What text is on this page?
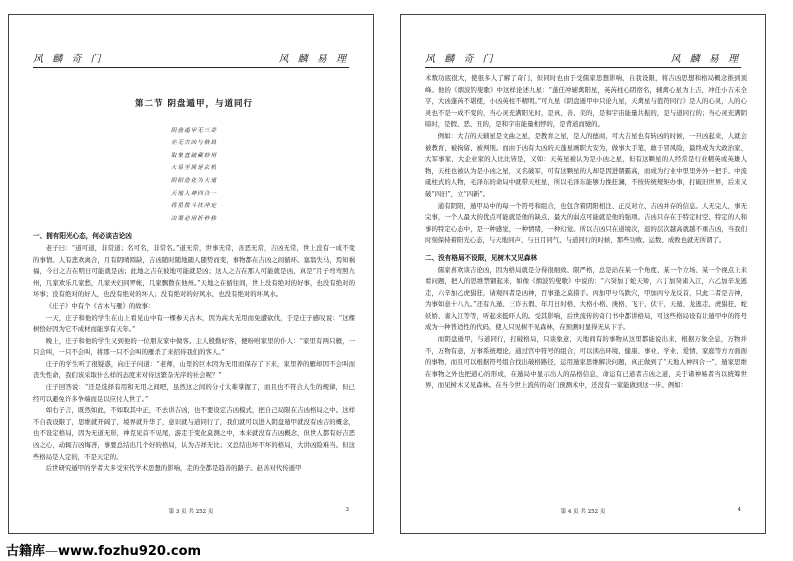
风 麟 奇 门	风 麟 易 理
第二节 阴盘遁甲，与道同行
阴盘遁甲无三奇
亦无吉凶与格局
取象直破藏妙用
大易至简是玄机
阴阳造化为大道
天地人神四合一
将星拨斗扶冲定
决策必用折秒移
一、拥有阳光心态，何必谈吉论凶

老子曰：“道可道，非常道；名可名，非常名。”道无常，世事无常，善恶无常，吉凶无常，世上没有一成不变的事情。人有悲欢离合，月有阴晴圆缺，吉凶随时随地随人随势而变，事物都在吉凶之间循环。塞翁失马，焉知祸福，今日之吉在明日可能就是凶；此地之吉在彼地可能就是凶；这人之吉在那人可能就是凶，真是“月子弯弯照九州，几家欢乐几家愁，几家夫妇同罗帐，几家飘散在他州。”天地之在循往间，世上没有绝对的好事，也没有绝对的坏事；没有绝对的好人，也没有绝对的坏人；没有绝对的好风水，也没有绝对的坏风水。

《庄子》中有个《古木与雁》的故事：

一天，庄子和他的学生在山上看见山中有一棵参天古木，因为高大无用而免遭砍伐，于是庄子感叹说：“这棵树恰好因为它不成材而能享有天年。”

晚上，庄子和他的学生又到他的一位朋友家中做客。主人殷勤好客，便吩咐家里的仆人：“家里有两只雁，一只会叫，一只不会叫，将那一只不会叫的雁杀了来招待我们的客人。”

庄子的学生听了很疑惑，向庄子问道：“老师，山里的巨木因为无用而保存了下来，家里养的雁却因不会叫而丧失性命，我们该采取什么样的态度来对待这繁杂无序的社会呢？”

庄子回答说：“还是选择有用和无用之间吧，虽然这之间的分寸太难掌握了，而且也不符合人生的规律，但已经可以避免许多争端而足以应付人世了。”

如右子言，既然如此，不如取其中正，不去讲吉凶，也不要设定吉凶模式，把自己局限在吉凶格局之中。这样不自我设限了，思维就开阔了，境界就升华了，意识就与道同行了，我们就可以进入阴盘遁甲就没有凶吉的概念，也不设定格局，因为无道无形，神克见首不见尾，游走于变化莫测之中，本来就没有吉凶概念，但世人都有好吉恶凶之心，动辄吉凶悔吝，事要总结出几个好的格局，认为吉祥无比；又总结出坏不坏的格局，大讲凶险难当。但这些格局是人定的，不是天定的。

后世研究遁甲的学者大多受宋代学术思想的影响，走的全都是趋善的路子。赵善对代传遁甲

第 3 页 共 252 页	3
风 麟 奇 门	风 麟 易 理

术数功底很大，使很多人了解了奇门，但同时也由于受儒家思想影响，自我设限，将吉凶思想和格局概念推到顶峰。他的《烟波钓叟歌》中这样论述九星：“蓬任冲辅禽阳星，英芮柱心阴宿名，辅禽心星为上吉，冲任小吉未全亨，大凶蓬芮不堪使，小凶英柱不精明。”可九星《阴盘遁甲中只论九星，天禽星与值符同行》是人的心灵，人的心灵也不是一成不变的，当心灵充满阳光时，是真、善、美的，是和宇宙能量共振的，是与道同行的；当心灵充满阴暗时，是假、恶、丑的，是和宇宙能量相悖的，是背道而驰的。

例如：大吉的天辅星是文曲之星，是教育之星，是人的德商，可大吉星也有转凶的时候，一旦凶起来，人就会被教育、被拘留、被判刑。而由于凶有大凶的天蓬星画职大安为，做事大手笔，敢于冒风险，最终成为大政治家、大军事家、大企业家的人比比皆是，又如：天英星被认为是小凶之星，但有这颗星的人经常是行业精英或英雄人物，天柱也被认为是小凶之星，又名破军，可有这颗星的人却是因进朝霸高，而成为行业中里里外外一把手、中流砥柱式的人物，毛泽东的命局中就带天柱星，所以毛泽东能够力挽狂澜，不按传统规矩办事，打破旧世界，后来又破“四旧”，立“四新”。

通有阴阳，遁甲局中的每一个符号和组合，也包含着阴阳相注、正反对立、吉凶并存的信息。人无完人，事无完事，一个人最大的优点可能就是他的缺点，最大的弱点可能就是他的强项。吉凶只存在于特定时空、特定的人和事的特定心态中，是一种感觉，一种情绪，一种幻觉。所以吉凶只在道境次，退的层次越高就越不重吉凶，当我们时刻保持着阳光心态，与天地同声、与日月同气、与道同行的时候，那些功败、运数、成败也就无所谓了。

二、没有格局不设限，见树木又见森林

儒家喜欢谈吉论凶，因为格局就是分得很细致、限严格，总是站在某一个角度、某一个立场、某一个视点上来看问题，把人的思维禁锢起来，如像《烟波钓叟歌》中说的：“六癸加丁蛇天矫，六丁加癸雀入江，六乙加辛龙逃走，六辛加乙虎猖狂，请观四者是凶神，百事逢之莫措手。丙加甲兮鸟跌穴，甲加丙兮龙反首，只此二者是吉神，为事如意十八九。”还有九遁、三诈五假、年月日时格、大格小格、庚格、飞干、伏干、天遁、龙逃走、虎猖狂、蛇妖娇、雀入江等等，听起来挺吓人的。受其影响，后世流传的奇门书中都讲格局，可这些格局设有让遁甲中的符号成为一种普适性的代码，使人只见树不见森林，在预测时显得无从下手。

而阴盘遁甲，与道同行，打破格局，只谈象意，天地间有的事物从这里都能说出来，根据万象全息，万物并不，万物有意，万事系统理论，通过宫中符号的组合，可以读出环境、健康、事业、学业、爱情、家庭等方方面面的事物，而且可以根据符号组合找出破格路径，运用遁家思维解决问题，真正做到了“天地人神四合一”，遁家思维在事物之外也把道心的形成，在遁局中显示出人的品格信息，命运有已道者吉凶之道，关于诸神易者当以统筹世界，而见树木又见森林。在当今世上流传的奇门预测术中，还没有一家能做到这一步。例如：

第 4 页 共 252 页	4
古籍库—www.fozhu920.com
